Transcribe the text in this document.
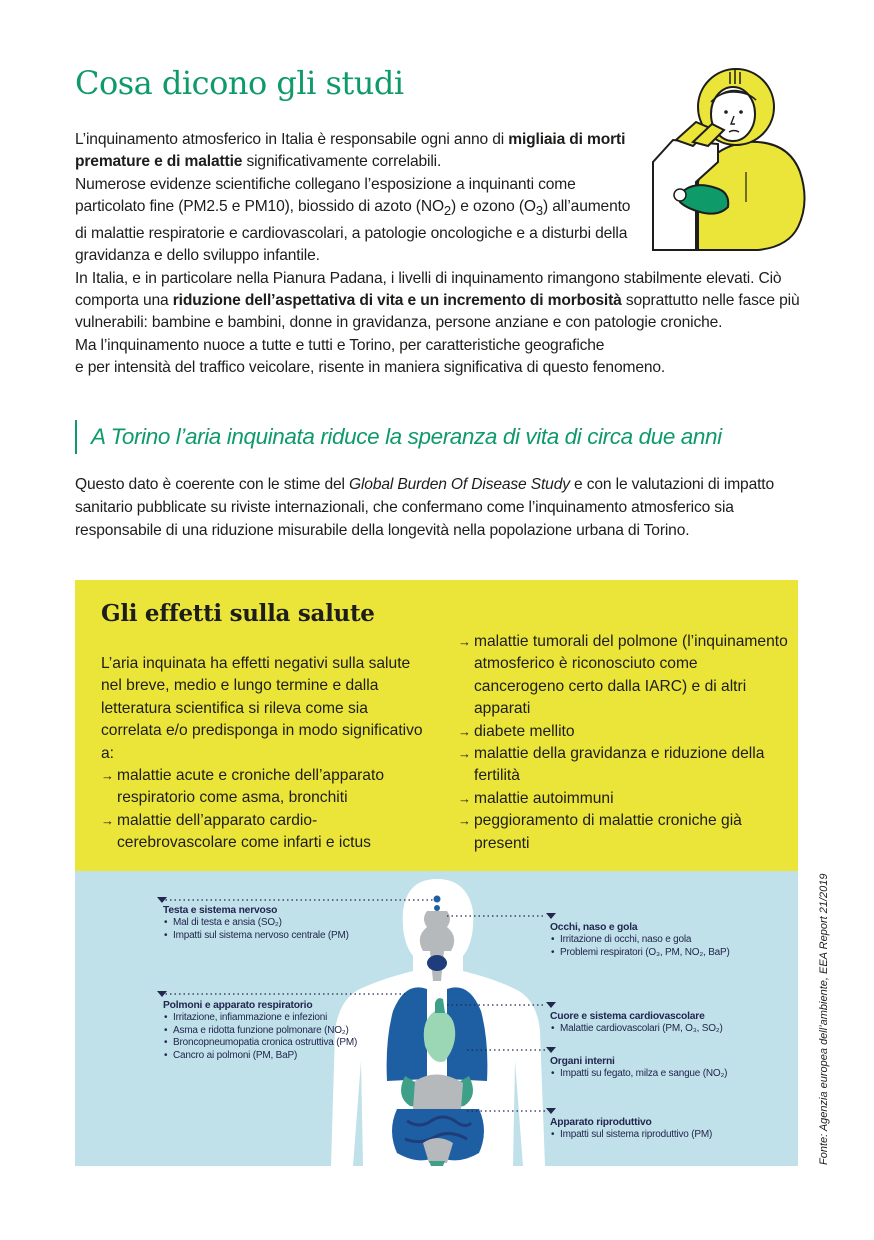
Cosa dicono gli studi

L’inquinamento atmosferico in Italia è responsabile ogni anno di migliaia di morti premature e di malattie significativamente correlabili.

Numerose evidenze scientifiche collegano l’esposizione a inquinanti come particolato fine (PM2.5 e PM10), biossido di azoto $(NO_2)$ e ozono $(O_3)$ all’aumento di malattie respiratorie e cardiovascolari, a patologie oncologiche e a disturbi della gravidanza e dello sviluppo infantile.

In Italia, e in particolare nella Pianura Padana, i livelli di inquinamento rimangono stabilmente elevati. Ciò comporta una riduzione dell’aspettativa di vita e un incremento di morbosità soprattutto nelle fasce più vulnerabili: bambine e bambini, donne in gravidanza, persone anziane e con patologie croniche.

Ma l’inquinamento nuoce a tutte e tutti e Torino, per caratteristiche geografiche
e per intensità del traffico veicolare, risente in maniera significativa di questo fenomeno.

A Torino l’aria inquinata riduce la speranza di vita di circa due anni

Questo dato è coerente con le stime del Global Burden Of Disease Study e con le valutazioni di impatto sanitario pubblicate su riviste internazionali, che confermano come l’inquinamento atmosferico sia responsabile di una riduzione misurabile della longevità nella popolazione urbana di Torino.

Gli effetti sulla salute

L’aria inquinata ha effetti negativi sulla salute nel breve, medio e lungo termine e dalla letteratura scientifica si rileva come sia correlata e/o predisponga in modo significativo a:

→ malattie acute e croniche dell’apparato respiratorio come asma, bronchiti
→ malattie dell’apparato cardio-cerebrovascolare come infarti e ictus
→ malattie tumorali del polmone (l’inquinamento atmosferico è riconosciuto come cancerogeno certo dalla IARC) e di altri apparati
→ diabete mellito
→ malattie della gravidanza e riduzione della fertilità
→ malattie autoimmuni
→ peggioramento di malattie croniche già presenti
Testa e sistema nervoso
• Mal di testa e ansia (SO₂)
• Impatti sul sistema nervoso centrale (PM)
Polmoni e apparato respiratorio
• Irritazione, infiammazione e infezioni
• Asma e ridotta funzione polmonare (NO₂)
• Broncopneumopatia cronica ostruttiva (PM)
• Cancro ai polmoni (PM, BaP)
Occhi, naso e gola
• Irritazione di occhi, naso e gola
• Problemi respiratori (O₃, PM, NO₂, BaP)
Cuore e sistema cardiovascolare
• Malattie cardiovascolari (PM, O₃, SO₂)
Organi interni
• Impatti su fegato, milza e sangue (NO₂)
Apparato riproduttivo
• Impatti sul sistema riproduttivo (PM)	Fonte: Agenzia europea dell’ambiente, EEA Report 21/2019
